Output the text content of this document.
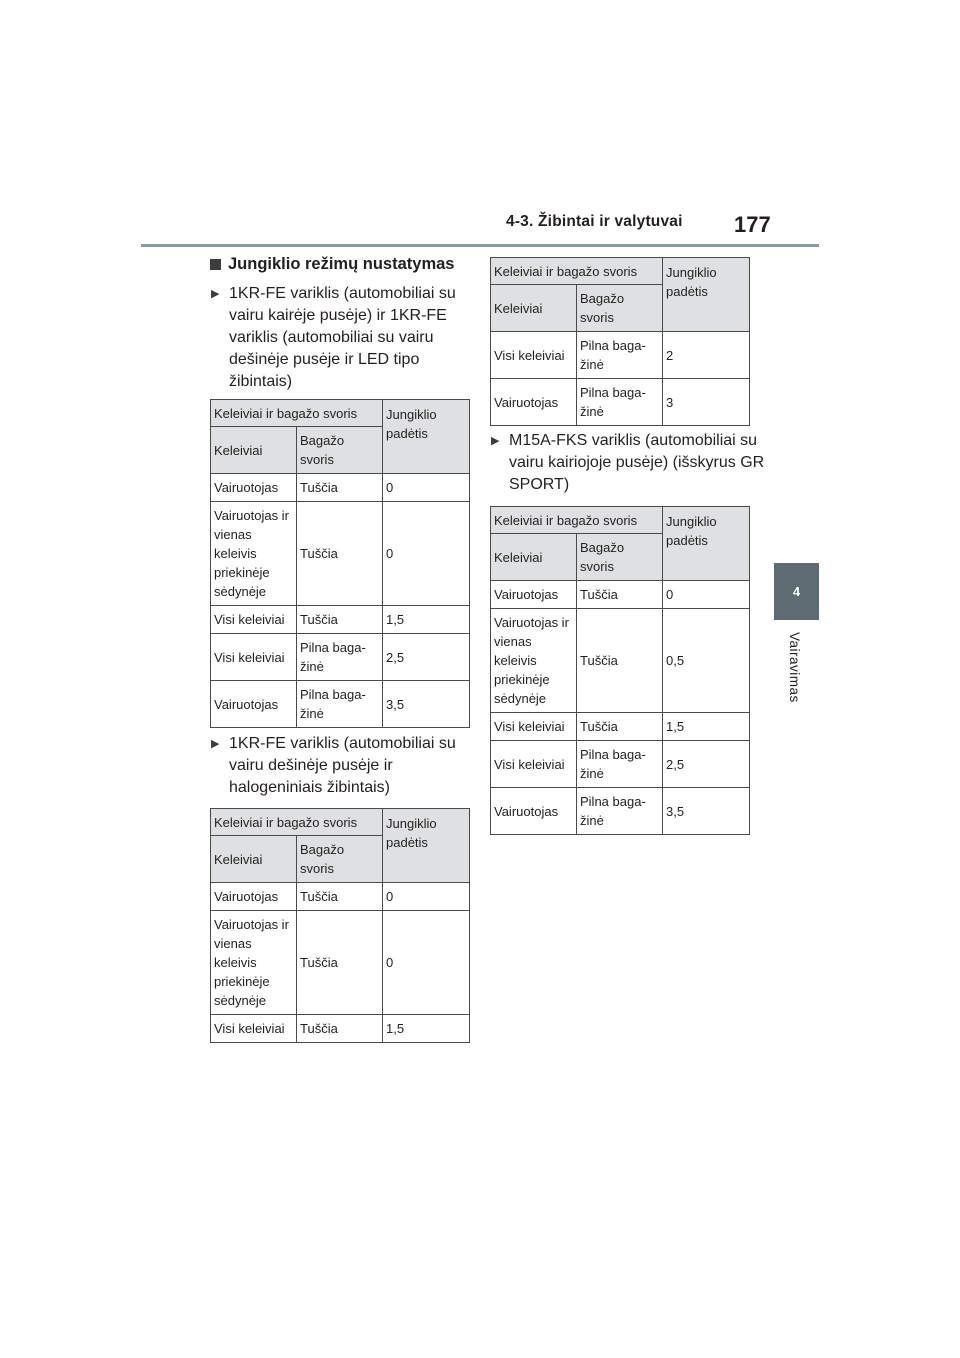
4-3. Žibintai ir valytuvai 177
4
Vairavimas
Jungiklio režimų nustatymas
▶ 1KR-FE variklis (automobiliai su vairu kairėje pusėje) ir 1KR-FE variklis (automobiliai su vairu dešinėje pusėje ir LED tipo žibintais)
Keleiviai ir bagažo svoris		Jungiklio padėtis
Keleiviai	Bagažo svoris	
Vairuotojas	Tuščia	0
Vairuotojas ir vienas keleivis priekinėje sėdynėje	Tuščia	0
Visi keleiviai	Tuščia	1,5
Visi keleiviai	Pilna baga-žinė	2,5
Vairuotojas	Pilna baga-žinė	3,5
▶ 1KR-FE variklis (automobiliai su vairu dešinėje pusėje ir halogeniniais žibintais)
Keleiviai ir bagažo svoris		Jungiklio padėtis
Keleiviai	Bagažo svoris	
Vairuotojas	Tuščia	0
Vairuotojas ir vienas keleivis priekinėje sėdynėje	Tuščia	0
Visi keleiviai	Tuščia	1,5
Keleiviai ir bagažo svoris		Jungiklio padėtis
Keleiviai	Bagažo svoris	
Visi keleiviai	Pilna baga-žinė	2
Vairuotojas	Pilna baga-žinė	3
▶ M15A-FKS variklis (automobiliai su vairu kairiojoje pusėje) (išskyrus GR SPORT)
Keleiviai ir bagažo svoris		Jungiklio padėtis
Keleiviai	Bagažo svoris	
Vairuotojas	Tuščia	0
Vairuotojas ir vienas keleivis priekinėje sėdynėje	Tuščia	0,5
Visi keleiviai	Tuščia	1,5
Visi keleiviai	Pilna baga-žinė	2,5
Vairuotojas	Pilna baga-žinė	3,5
